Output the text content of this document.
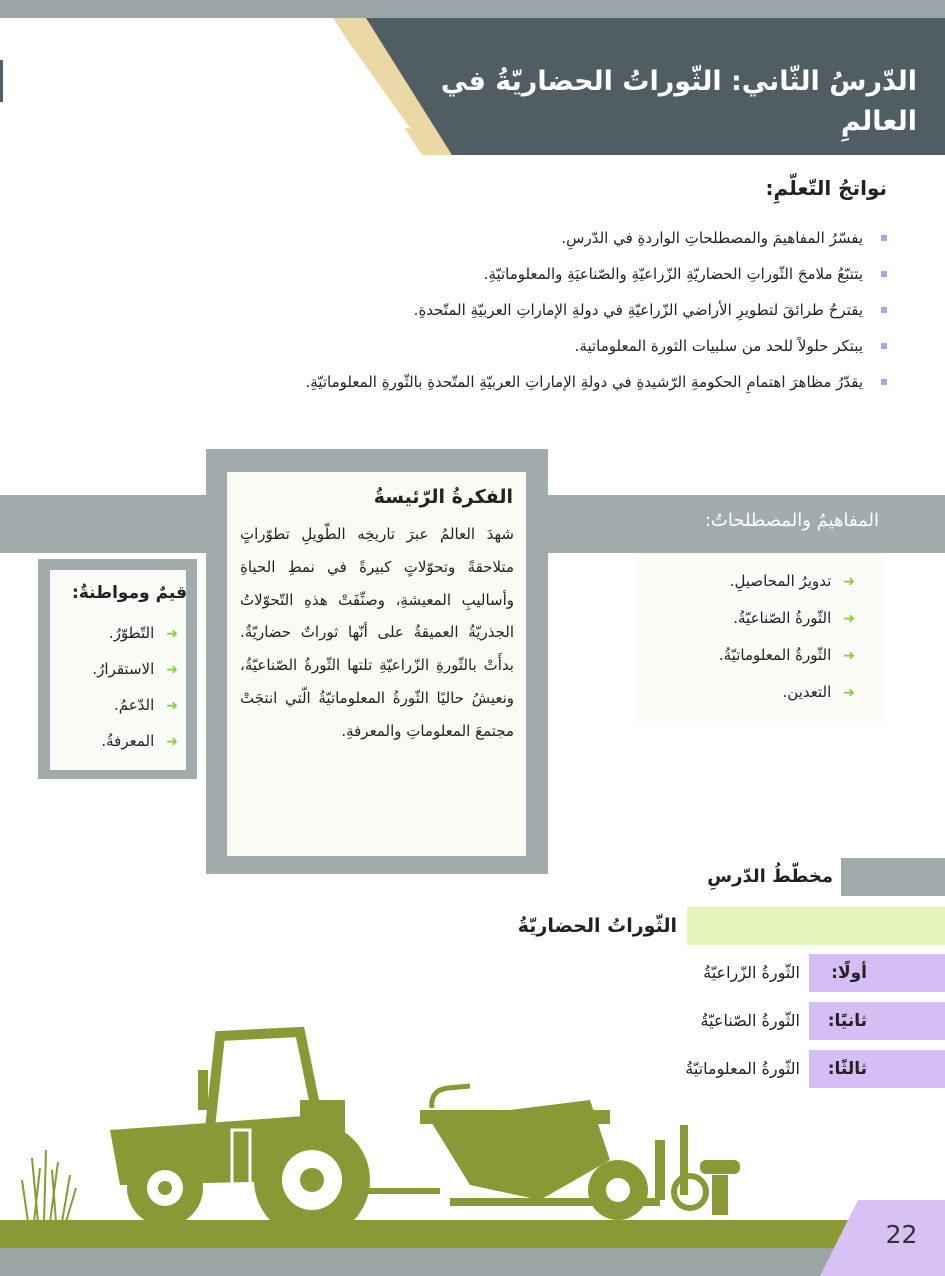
الدّرسُ الثّاني: الثّوراتُ الحضاريّةُ في العالمِ
نواتجُ التّعلّمِ:
يفسّرُ المفاهيمَ والمصطلحاتِ الواردةِ في الدّرسِ.
يتتبّعُ ملامحَ الثّوراتِ الحضاريّةِ الزّراعيّةِ والصّناعيَةِ والمعلوماتيّةِ.
يقترحُ طرائقَ لتطويرِ الأراضي الزّراعيّةِ في دولةِ الإماراتِ العربيّةِ المتّحدةِ.
يبتكر حلولاً للحد من سلبيات الثورة المعلوماتية.
يقدّرُ مظاهرَ اهتمامِ الحكومةِ الرّشيدةِ في دولةِ الإماراتِ العربيّةِ المتّحدةِ بالثّورةِ المعلوماتيّةِ.
المفاهيمُ والمصطلحاتُ:
➜تدويرُ المحاصيلِ.
➜الثّورةُ الصّناعيّةُ.
➜الثّورةُ المعلوماتيّةُ.
➜التعدين.
الفكرةُ الرّئيسةُ
شهدَ العالمُ عبرَ تاريخِه الطّويلِ تطوّراتٍ متلاحقةً وتحوّلاتٍ كبيرةً في نمطِ الحياةِ وأساليبِ المعيشةِ، وصنِّفَتْ هذهِ التّحوّلاتُ الجذريّةُ العميقةُ على أنّها ثوراتٌ حضاريّةٌ. بدأَتْ بالثّورةِ الزّراعيّةِ تلتها الثّورةُ الصّناعيّةُ، ونعيشُ حاليًا الثّورةُ المعلوماتيّةُ الّتي انتجَتْ مجتمعَ المعلوماتِ والمعرفةِ.
قيمٌ ومواطنةٌ:
➜التّطوّرُ.
➜الاستقرارُ.
➜الدّعمُ.
➜المعرفةُ.
مخطّطُ الدّرسِ
الثّوراتُ الحضاريّةُ
أولًا:
الثّورةُ الزّراعيّةُ
ثانيًا:
الثّورةُ الصّناعيّةُ
ثالثًا:
الثّورةُ المعلوماتيّةُ
22
